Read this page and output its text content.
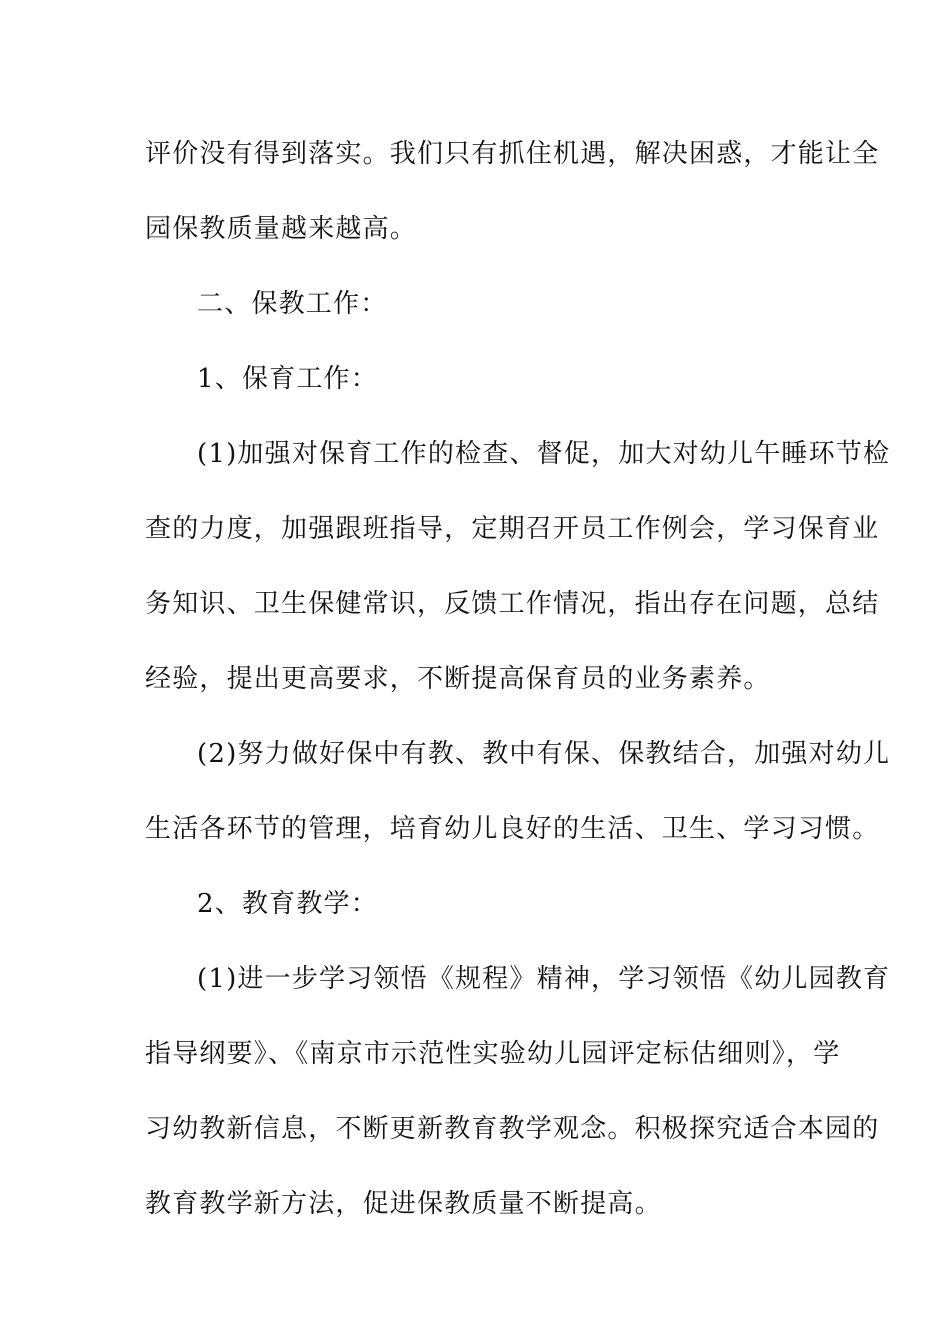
评价没有得到落实。我们只有抓住机遇，解决困惑，才能让全
园保教质量越来越高。
二、保教工作：
1、保育工作：
(1)加强对保育工作的检查、督促，加大对幼儿午睡环节检
查的力度，加强跟班指导，定期召开员工作例会，学习保育业
务知识、卫生保健常识，反馈工作情况，指出存在问题，总结
经验，提出更高要求，不断提高保育员的业务素养。
(2)努力做好保中有教、教中有保、保教结合，加强对幼儿
生活各环节的管理，培育幼儿良好的生活、卫生、学习习惯。
2、教育教学：
(1)进一步学习领悟《规程》精神，学习领悟《幼儿园教育
指导纲要》、《南京市示范性实验幼儿园评定标估细则》，学
习幼教新信息，不断更新教育教学观念。积极探究适合本园的
教育教学新方法，促进保教质量不断提高。
